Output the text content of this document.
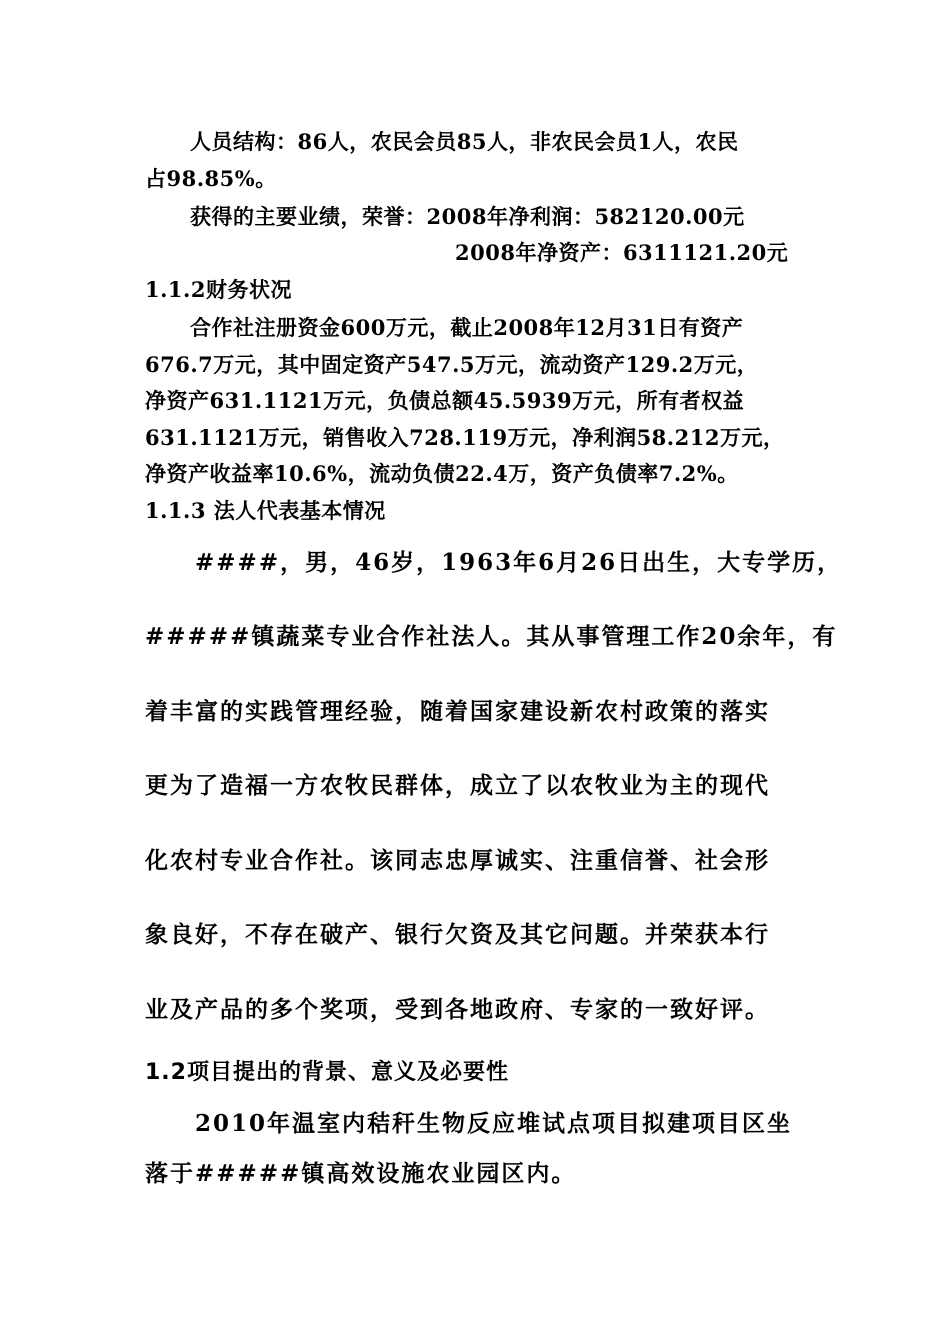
人员结构：86人，农民会员85人，非农民会员1人，农民
占98.85%。
获得的主要业绩，荣誉：2008年净利润：582120.00元
2008年净资产：6311121.20元
1.1.2财务状况
合作社注册资金600万元，截止2008年12月31日有资产
676.7万元，其中固定资产547.5万元，流动资产129.2万元，
净资产631.1121万元，负债总额45.5939万元，所有者权益
631.1121万元，销售收入728.119万元，净利润58.212万元，
净资产收益率10.6%，流动负债22.4万，资产负债率7.2%。
1.1.3 法人代表基本情况
####，男，46岁，1963年6月26日出生，大专学历，
#####镇蔬菜专业合作社法人。其从事管理工作20余年，有
着丰富的实践管理经验，随着国家建设新农村政策的落实
更为了造福一方农牧民群体，成立了以农牧业为主的现代
化农村专业合作社。该同志忠厚诚实、注重信誉、社会形
象良好，不存在破产、银行欠资及其它问题。并荣获本行
业及产品的多个奖项，受到各地政府、专家的一致好评。
1.2项目提出的背景、意义及必要性
2010年温室内秸秆生物反应堆试点项目拟建项目区坐
落于#####镇高效设施农业园区内。
